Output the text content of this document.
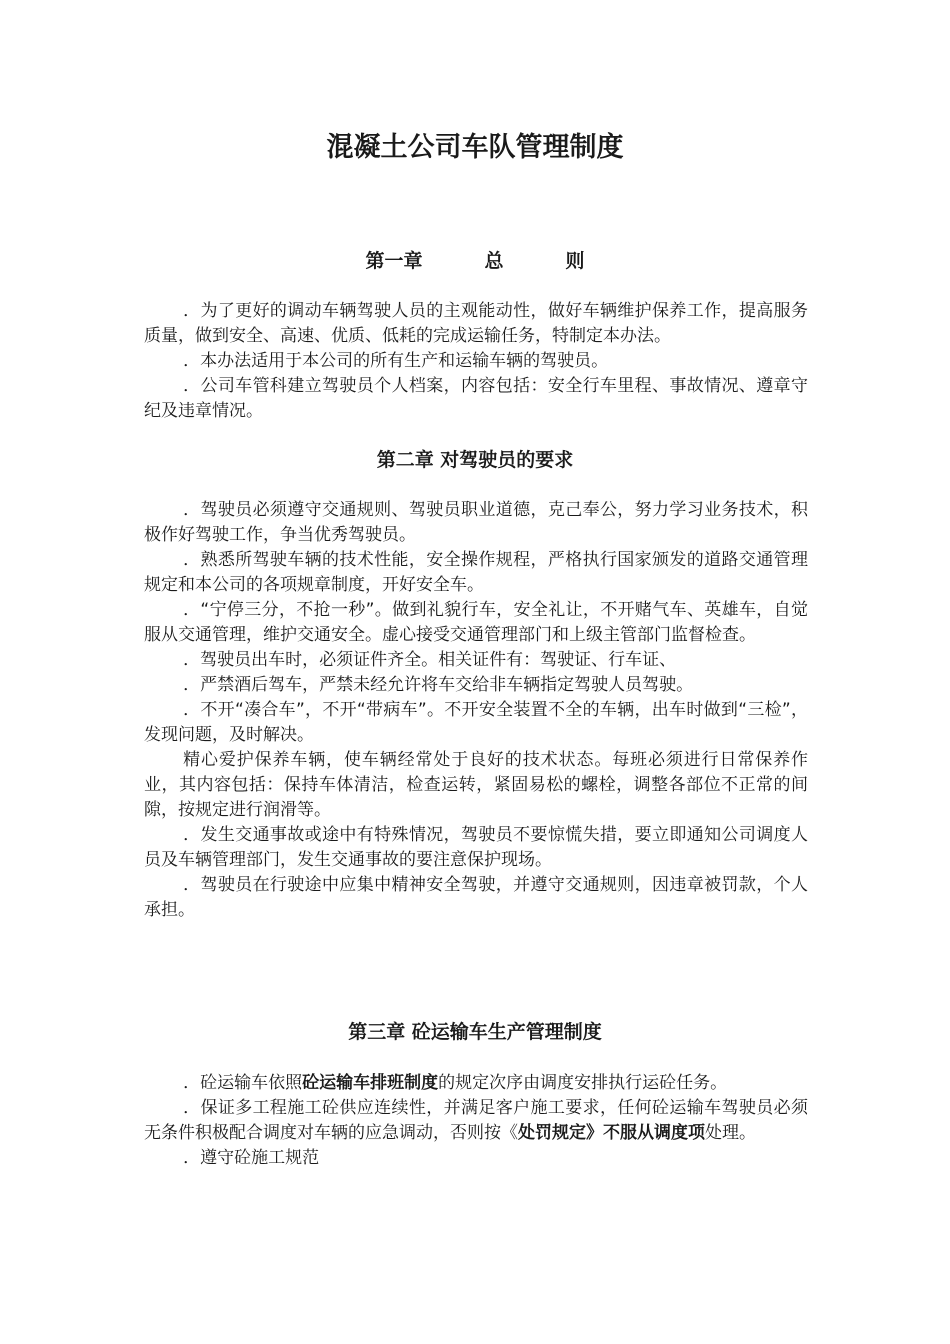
混凝土公司车队管理制度
第一章	总	则

．为了更好的调动车辆驾驶人员的主观能动性，做好车辆维护保养工作，提高服务质量，做到安全、高速、优质、低耗的完成运输任务，特制定本办法。

．本办法适用于本公司的所有生产和运输车辆的驾驶员。

．公司车管科建立驾驶员个人档案，内容包括：安全行车里程、事故情况、遵章守纪及违章情况。

第二章 对驾驶员的要求

．驾驶员必须遵守交通规则、驾驶员职业道德，克己奉公，努力学习业务技术，积极作好驾驶工作，争当优秀驾驶员。

．熟悉所驾驶车辆的技术性能，安全操作规程，严格执行国家颁发的道路交通管理规定和本公司的各项规章制度，开好安全车。

．“宁停三分，不抢一秒”。做到礼貌行车，安全礼让，不开赌气车、英雄车，自觉服从交通管理，维护交通安全。虚心接受交通管理部门和上级主管部门监督检查。

．驾驶员出车时，必须证件齐全。相关证件有：驾驶证、行车证、

．严禁酒后驾车，严禁未经允许将车交给非车辆指定驾驶人员驾驶。

．不开“凑合车”，不开“带病车”。不开安全装置不全的车辆，出车时做到“三检”，发现问题，及时解决。

精心爱护保养车辆，使车辆经常处于良好的技术状态。每班必须进行日常保养作业，其内容包括：保持车体清洁，检查运转，紧固易松的螺栓，调整各部位不正常的间隙，按规定进行润滑等。

．发生交通事故或途中有特殊情况，驾驶员不要惊慌失措，要立即通知公司调度人员及车辆管理部门，发生交通事故的要注意保护现场。

．驾驶员在行驶途中应集中精神安全驾驶，并遵守交通规则，因违章被罚款，个人承担。

第三章 砼运输车生产管理制度

．砼运输车依照砼运输车排班制度的规定次序由调度安排执行运砼任务。

．保证多工程施工砼供应连续性，并满足客户施工要求，任何砼运输车驾驶员必须无条件积极配合调度对车辆的应急调动，否则按《处罚规定》不服从调度项处理。

．遵守砼施工规范
